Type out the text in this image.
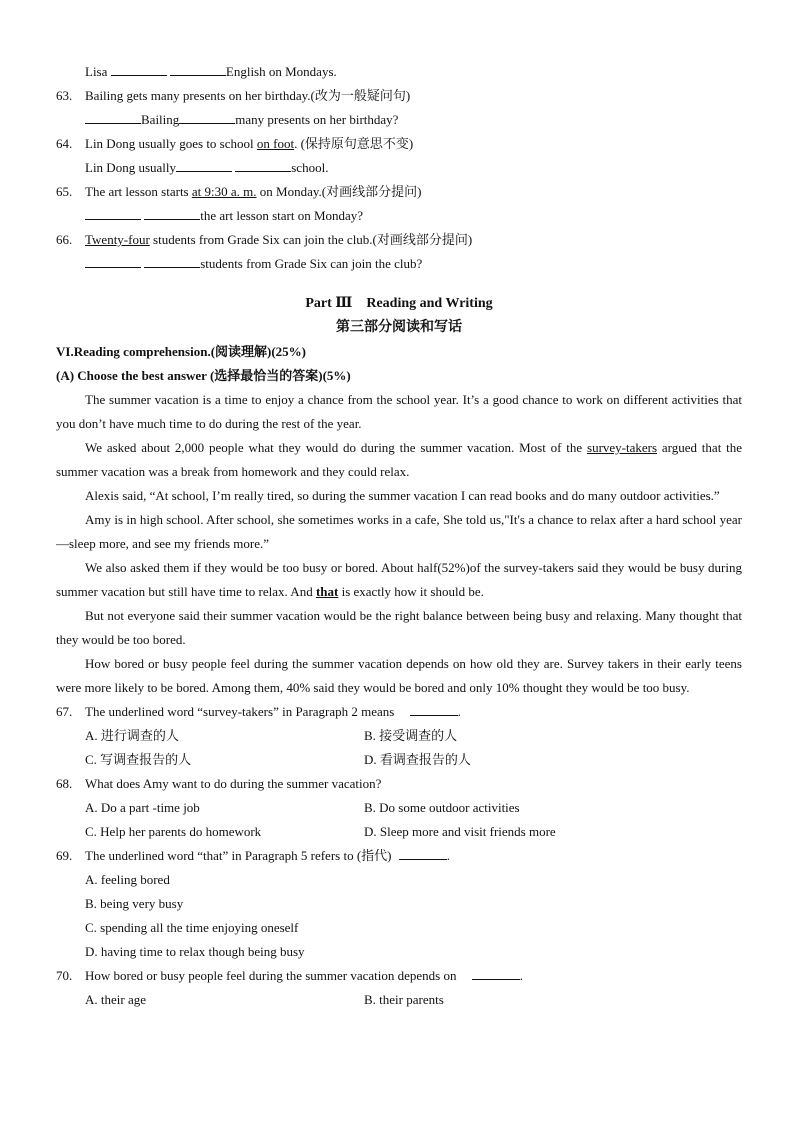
Lisa	English on Mondays.
63. Bailing gets many presents on her birthday.(改为一般疑问句)
Bailing	many presents on her birthday?
64. Lin Dong usually goes to school on foot. (保持原句意思不变)
Lin Dong usually	school.
65. The art lesson starts at 9:30 a. m. on Monday.(对画线部分提问)
the art lesson start on Monday?
66. Twenty-four students from Grade Six can join the club.(对画线部分提问)
students from Grade Six can join the club?
Part Ⅲ　Reading and Writing
第三部分阅读和写话
VI.Reading comprehension.(阅读理解)(25%)
(A) Choose the best answer (选择最恰当的答案)(5%)
The summer vacation is a time to enjoy a chance from the school year. It’s a good chance to work on different activities that you don’t have much time to do during the rest of the year.
We asked about 2,000 people what they would do during the summer vacation. Most of the survey-takers argued that the summer vacation was a break from homework and they could relax.
Alexis said, “At school, I’m really tired, so during the summer vacation I can read books and do many outdoor activities.”
Amy is in high school. After school, she sometimes works in a cafe, She told us,"It's a chance to relax after a hard school year—sleep more, and see my friends more.”
We also asked them if they would be too busy or bored. About half(52%)of the survey-takers said they would be busy during summer vacation but still have time to relax. And that is exactly how it should be.
But not everyone said their summer vacation would be the right balance between being busy and relaxing. Many thought that they would be too bored.
How bored or busy people feel during the summer vacation depends on how old they are. Survey takers in their early teens were more likely to be bored. Among them, 40% said they would be bored and only 10% thought they would be too busy.
67. The underlined word “survey-takers” in Paragraph 2 means	.
A. 进行调查的人	B. 接受调查的人
C. 写调查报告的人	D. 看调查报告的人
68. What does Amy want to do during the summer vacation?
A. Do a part -time job	B. Do some outdoor activities
C. Help her parents do homework	D. Sleep more and visit friends more
69. The underlined word “that” in Paragraph 5 refers to (指代)	.
A. feeling bored
B. being very busy
C. spending all the time enjoying oneself
D. having time to relax though being busy
70. How bored or busy people feel during the summer vacation depends on	.
A. their age	B. their parents
